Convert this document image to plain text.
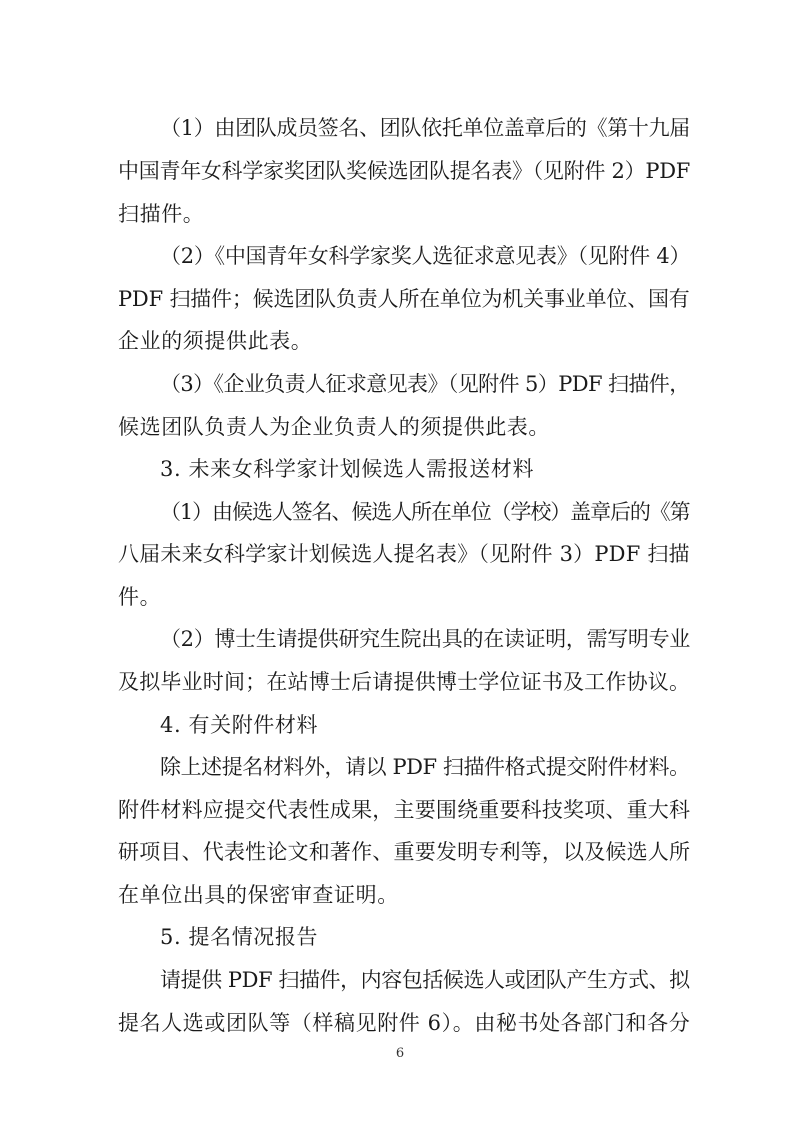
（1）由团队成员签名、团队依托单位盖章后的《第十九届
中国青年女科学家奖团队奖候选团队提名表》（见附件 2）PDF
扫描件。
（2）《中国青年女科学家奖人选征求意见表》（见附件 4）
PDF 扫描件；候选团队负责人所在单位为机关事业单位、国有
企业的须提供此表。
（3）《企业负责人征求意见表》（见附件 5）PDF 扫描件，
候选团队负责人为企业负责人的须提供此表。
3. 未来女科学家计划候选人需报送材料
（1）由候选人签名、候选人所在单位（学校）盖章后的《第
八届未来女科学家计划候选人提名表》（见附件 3）PDF 扫描
件。
（2）博士生请提供研究生院出具的在读证明，需写明专业
及拟毕业时间；在站博士后请提供博士学位证书及工作协议。
4. 有关附件材料
除上述提名材料外，请以 PDF 扫描件格式提交附件材料。
附件材料应提交代表性成果，主要围绕重要科技奖项、重大科
研项目、代表性论文和著作、重要发明专利等，以及候选人所
在单位出具的保密审查证明。
5. 提名情况报告
请提供 PDF 扫描件，内容包括候选人或团队产生方式、拟
提名人选或团队等（样稿见附件 6）。由秘书处各部门和各分
6
